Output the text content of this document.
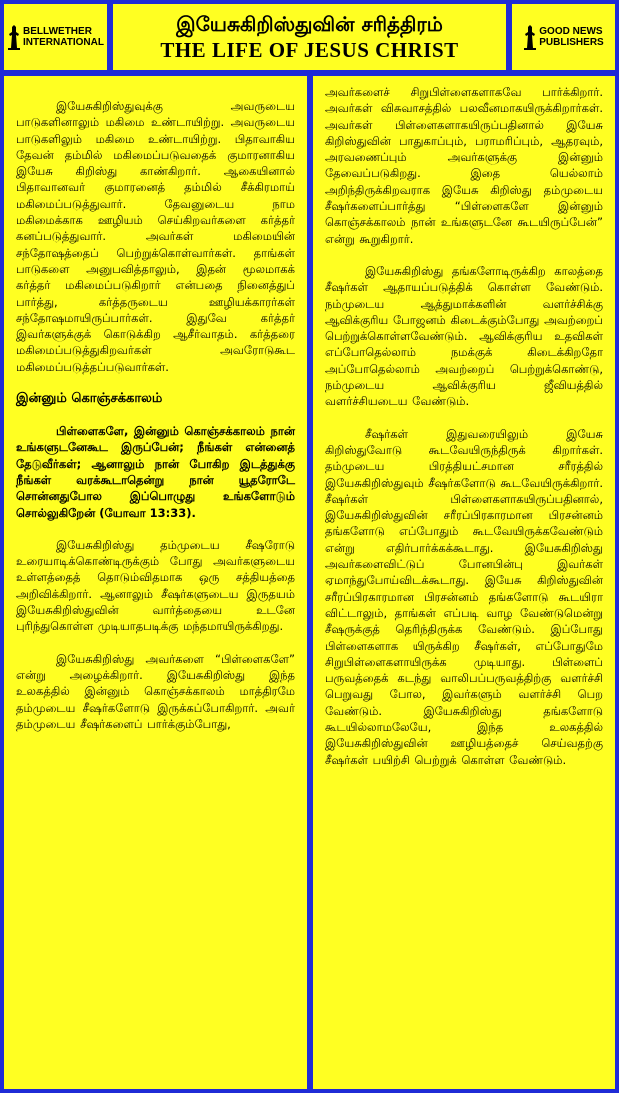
BELLWETHER
INTERNATIONAL
இயேசுகிறிஸ்துவின் சரித்திரம்
THE LIFE OF JESUS CHRIST
GOOD NEWS
PUBLISHERS

இயேசுகிறிஸ்துவுக்கு அவருடைய பாடுகளினாலும் மகிமை உண்டாயிற்று. அவருடைய பாடுகளிலும் மகிமை உண்டாயிற்று. பிதாவாகிய தேவன் தம்மில் மகிமைப்படுவதைக் குமாரனாகிய இயேசு கிறிஸ்து காண்கிறார். ஆகையினால் பிதாவானவர் குமாரனைத் தம்மில் சீக்கிரமாய் மகிமைப்படுத்துவார். தேவனுடைய நாம மகிமைக்காக ஊழியம் செய்கிறவர்களை கர்த்தர் கனப்படுத்துவார். அவர்கள் மகிமையின் சந்தோஷத்தைப் பெற்றுக்கொள்வார்கள். தாங்கள் பாடுகளை அனுபவித்தாலும், இதன் மூலமாகக் கர்த்தர் மகிமைப்படுகிறார் என்பதை நினைத்துப் பார்த்து, கர்த்தருடைய ஊழியக்காரர்கள் சந்தோஷமாயிருப்பார்கள். இதுவே கர்த்தர் இவர்களுக்குக் கொடுக்கிற ஆசீர்வாதம். கர்த்தரை மகிமைப்படுத்துகிறவர்கள் அவரோடுகூட மகிமைப்படுத்தப்படுவார்கள்.

இன்னும் கொஞ்சக்காலம்

பிள்ளைகளே, இன்னும் கொஞ்சக்காலம் நான் உங்களுடனேகூட இருப்பேன்; நீங்கள் என்னைத் தேடுவீர்கள்; ஆனாலும் நான் போகிற இடத்துக்கு நீங்கள் வரக்கூடாதென்று நான் யூதரோடே சொன்னதுபோல இப்பொழுது உங்களோடும் சொல்லுகிறேன் (யோவா 13:33).

இயேசுகிறிஸ்து தம்முடைய சீஷரோடு உரையாடிக்கொண்டிருக்கும் போது அவர்களுடைய உள்ளத்தைத் தொடும்விதமாக ஒரு சத்தியத்தை அறிவிக்கிறார். ஆனாலும் சீஷர்களுடைய இருதயம் இயேசுகிறிஸ்துவின் வார்த்தையை உடனே புரிந்துகொள்ள முடியாதபடிக்கு மந்தமாயிருக்கிறது.

இயேசுகிறிஸ்து அவர்களை “பிள்ளைகளே” என்று அழைக்கிறார். இயேசுகிறிஸ்து இந்த உலகத்தில் இன்னும் கொஞ்சக்காலம் மாத்திரமே தம்முடைய சீஷர்களோடு இருக்கப்போகிறார். அவர் தம்முடைய சீஷர்களைப் பார்க்கும்போது,

அவர்களைச் சிறுபிள்ளைகளாகவே பார்க்கிறார். அவர்கள் விசுவாசத்தில் பலவீனமாகயிருக்கிறார்கள். அவர்கள் பிள்ளைகளாகயிருப்பதினால் இயேசு கிறிஸ்துவின் பாதுகாப்பும், பராமரிப்பும், ஆதரவும், அரவணைப்பும் அவர்களுக்கு இன்னும் தேவைப்படுகிறது. இதை யெல்லாம் அறிந்திருக்கிறவராக இயேசு கிறிஸ்து தம்முடைய சீஷர்களைப்பார்த்து “பிள்ளைகளே இன்னும் கொஞ்சக்காலம் நான் உங்களுடனே கூடயிருப்பேன்” என்று கூறுகிறார்.

இயேசுகிறிஸ்து தங்களோடிருக்கிற காலத்தை சீஷர்கள் ஆதாயப்படுத்திக் கொள்ள வேண்டும். நம்முடைய ஆத்துமாக்களின் வளர்ச்சிக்கு ஆவிக்குரிய போஜனம் கிடைக்கும்போது அவற்றைப் பெற்றுக்கொள்ளவேண்டும். ஆவிக்குரிய உதவிகள் எப்போதெல்லாம் நமக்குக் கிடைக்கிறதோ அப்போதெல்லாம் அவற்றைப் பெற்றுக்கொண்டு, நம்முடைய ஆவிக்குரிய ஜீவியத்தில் வளர்ச்சியடைய வேண்டும்.

சீஷர்கள் இதுவரையிலும் இயேசு கிறிஸ்துவோடு கூடவேயிருந்திருக் கிறார்கள். தம்முடைய பிரத்தியட்சமான சரீரத்தில் இயேசுகிறிஸ்துவும் சீஷர்களோடு கூடவேயிருக்கிறார். சீஷர்கள் பிள்ளைகளாகயிருப்பதினால், இயேசுகிறிஸ்துவின் சரீரப்பிரகாரமான பிரசன்னம் தங்களோடு எப்போதும் கூடவேயிருக்கவேண்டும் என்று எதிர்பார்க்கக்கூடாது. இயேசுகிறிஸ்து அவர்களைவிட்டுப் போனபின்பு இவர்கள் ஏமாந்துபோய்விடக்கூடாது. இயேசு கிறிஸ்துவின் சரீரப்பிரகாரமான பிரசன்னம் தங்களோடு கூடயிரா விட்டாலும், தாங்கள் எப்படி வாழ வேண்டுமென்று சீஷருக்குத் தெரிந்திருக்க வேண்டும். இப்போது பிள்ளைகளாக யிருக்கிற சீஷர்கள், எப்போதுமே சிறுபிள்ளைகளாயிருக்க முடியாது. பிள்ளைப் பருவத்தைக் கடந்து வாலிபப்பருவத்திற்கு வளர்ச்சி பெறுவது போல, இவர்களும் வளர்ச்சி பெற வேண்டும். இயேசுகிறிஸ்து தங்களோடு கூடயில்லாமலேயே, இந்த உலகத்தில் இயேசுகிறிஸ்துவின் ஊழியத்தைச் செய்வதற்கு சீஷர்கள் பயிற்சி பெற்றுக் கொள்ள வேண்டும்.
